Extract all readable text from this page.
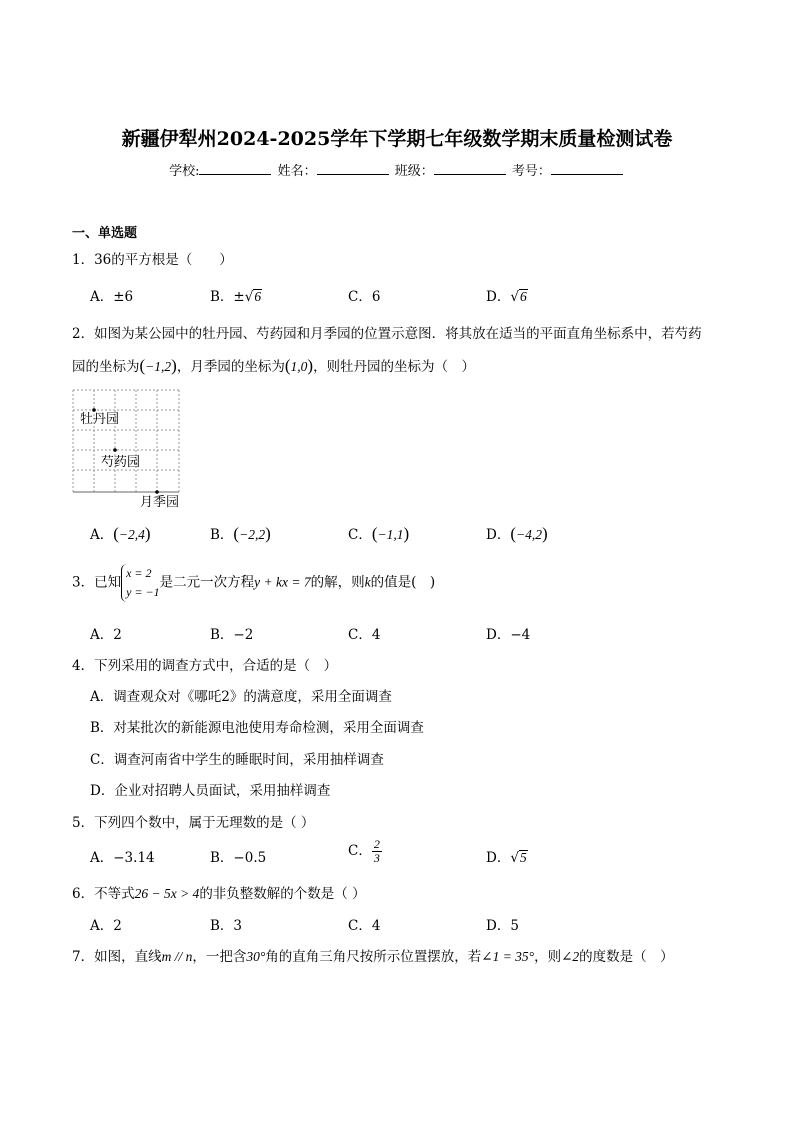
新疆伊犁州2024-2025学年下学期七年级数学期末质量检测试卷
学校:	姓名：	班级：	考号：
一、单选题
1．36的平方根是（　　）
A．±6	B．±√6	C．6	D．√6
2．如图为某公园中的牡丹园、芍药园和月季园的位置示意图．将其放在适当的平面直角坐标系中，若芍药
园的坐标为(−1,2)，月季园的坐标为(1,0)，则牡丹园的坐标为（　）
牡丹园
芍药园
月季园
A．(−2,4)	B．(−2,2)	C．(−1,1)	D．(−4,2)
3．已知
x = 2
y = −1
是二元一次方程y + kx = 7的解，则k的值是(　)
A．2	B．−2	C．4	D．−4
4．下列采用的调查方式中，合适的是（　）
A．调查观众对《哪吒2》的满意度，采用全面调查
B．对某批次的新能源电池使用寿命检测，采用全面调查
C．调查河南省中学生的睡眠时间，采用抽样调查
D．企业对招聘人员面试，采用抽样调查
5．下列四个数中，属于无理数的是（ ）
A．−3.14	B．−0.5	C． $\frac{2}{3}$	D．√5
6．不等式26 − 5x > 4的非负整数解的个数是（ ）
A．2	B．3	C．4	D．5
7．如图，直线m // n，一把含30°角的直角三角尺按所示位置摆放，若∠1 = 35°，则∠2的度数是（　）
